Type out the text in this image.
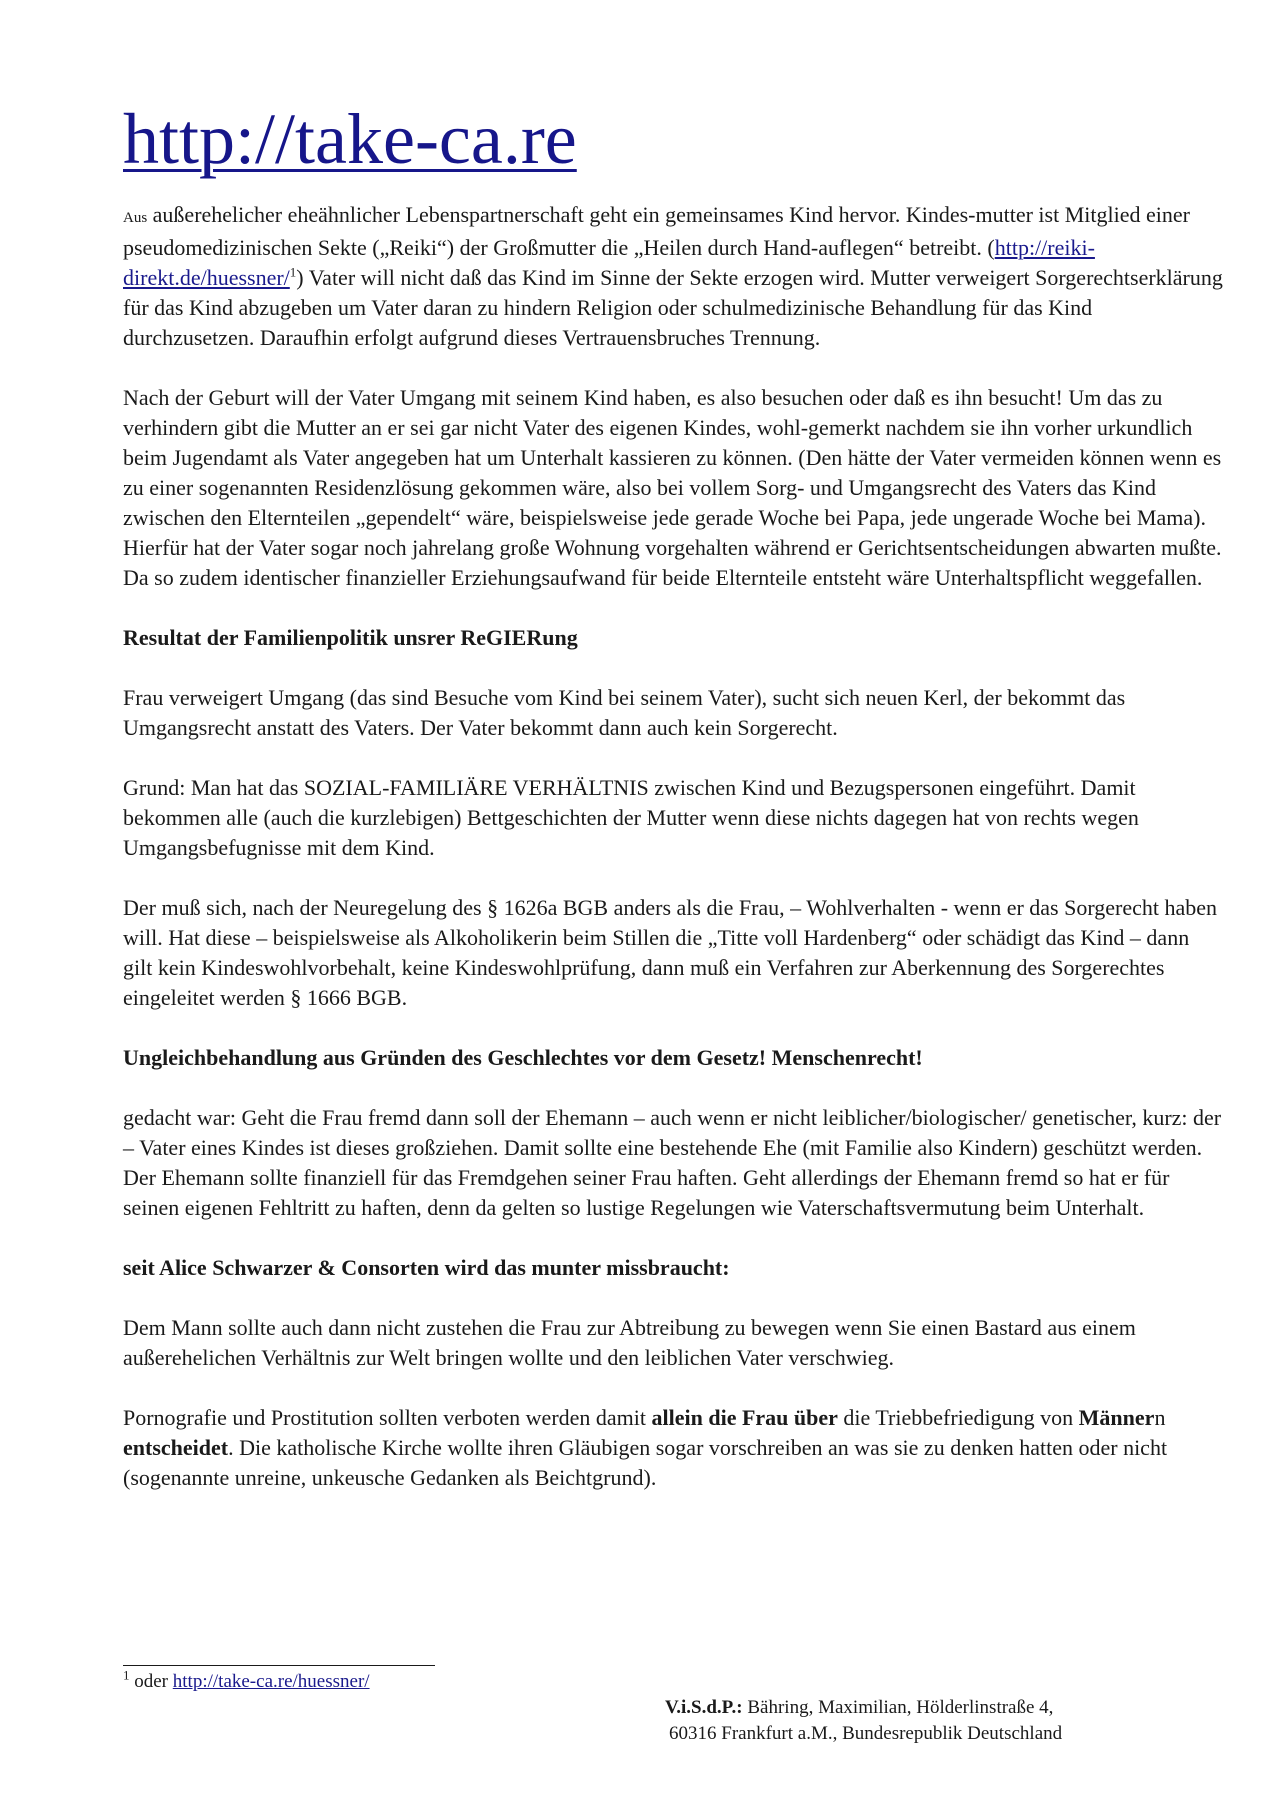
http://take-ca.re

Aus außerehelicher eheähnlicher Lebenspartnerschaft geht ein gemeinsames Kind hervor. Kindes-mutter ist Mitglied einer pseudomedizinischen Sekte („Reiki“) der Großmutter die „Heilen durch Hand-auflegen“ betreibt. (http://reiki-direkt.de/huessner/$^1$) Vater will nicht daß das Kind im Sinne der Sekte erzogen wird. Mutter verweigert Sorgerechtserklärung für das Kind abzugeben um Vater daran zu hindern Religion oder schulmedizinische Behandlung für das Kind durchzusetzen. Daraufhin erfolgt aufgrund dieses Vertrauensbruches Trennung.

Nach der Geburt will der Vater Umgang mit seinem Kind haben, es also besuchen oder daß es ihn besucht! Um das zu verhindern gibt die Mutter an er sei gar nicht Vater des eigenen Kindes, wohl-gemerkt nachdem sie ihn vorher urkundlich beim Jugendamt als Vater angegeben hat um Unterhalt kassieren zu können. (Den hätte der Vater vermeiden können wenn es zu einer sogenannten Residenzlösung gekommen wäre, also bei vollem Sorg- und Umgangsrecht des Vaters das Kind zwischen den Elternteilen „gependelt“ wäre, beispielsweise jede gerade Woche bei Papa, jede ungerade Woche bei Mama). Hierfür hat der Vater sogar noch jahrelang große Wohnung vorgehalten während er Gerichtsentscheidungen abwarten mußte. Da so zudem identischer finanzieller Erziehungsaufwand für beide Elternteile entsteht wäre Unterhaltspflicht weggefallen.

Resultat der Familienpolitik unsrer ReGIERung

Frau verweigert Umgang (das sind Besuche vom Kind bei seinem Vater), sucht sich neuen Kerl, der bekommt das Umgangsrecht anstatt des Vaters. Der Vater bekommt dann auch kein Sorgerecht.

Grund: Man hat das SOZIAL-FAMILIÄRE VERHÄLTNIS zwischen Kind und Bezugspersonen eingeführt. Damit bekommen alle (auch die kurzlebigen) Bettgeschichten der Mutter wenn diese nichts dagegen hat von rechts wegen Umgangsbefugnisse mit dem Kind.

Der muß sich, nach der Neuregelung des § 1626a BGB anders als die Frau, – Wohlverhalten - wenn er das Sorgerecht haben will. Hat diese – beispielsweise als Alkoholikerin beim Stillen die „Titte voll Hardenberg“ oder schädigt das Kind – dann gilt kein Kindeswohlvorbehalt, keine Kindeswohlprüfung, dann muß ein Verfahren zur Aberkennung des Sorgerechtes eingeleitet werden § 1666 BGB.

Ungleichbehandlung aus Gründen des Geschlechtes vor dem Gesetz! Menschenrecht!

gedacht war: Geht die Frau fremd dann soll der Ehemann – auch wenn er nicht leiblicher/biologischer/ genetischer, kurz: der – Vater eines Kindes ist dieses großziehen. Damit sollte eine bestehende Ehe (mit Familie also Kindern) geschützt werden. Der Ehemann sollte finanziell für das Fremdgehen seiner Frau haften. Geht allerdings der Ehemann fremd so hat er für seinen eigenen Fehltritt zu haften, denn da gelten so lustige Regelungen wie Vaterschaftsvermutung beim Unterhalt.

seit Alice Schwarzer & Consorten wird das munter missbraucht:

Dem Mann sollte auch dann nicht zustehen die Frau zur Abtreibung zu bewegen wenn Sie einen Bastard aus einem außerehelichen Verhältnis zur Welt bringen wollte und den leiblichen Vater verschwieg.

Pornografie und Prostitution sollten verboten werden damit allein die Frau über die Triebbefriedigung von Männern entscheidet. Die katholische Kirche wollte ihren Gläubigen sogar vorschreiben an was sie zu denken hatten oder nicht (sogenannte unreine, unkeusche Gedanken als Beichtgrund).

$^1$ oder http://take-ca.re/huessner/
V.i.S.d.P.: Bähring, Maximilian, Hölderlinstraße 4,
60316 Frankfurt a.M., Bundesrepublik Deutschland
